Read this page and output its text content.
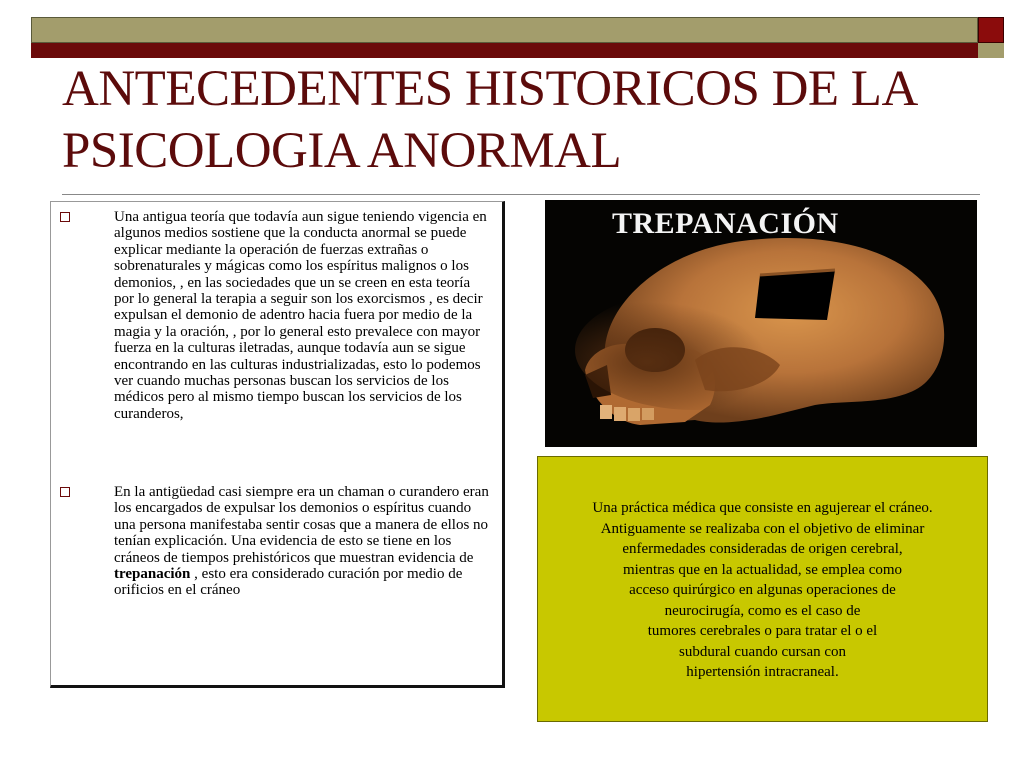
ANTECEDENTES HISTORICOS DE LA PSICOLOGIA ANORMAL

Una antigua teoría que todavía aun sigue teniendo vigencia en algunos medios sostiene que la conducta anormal se puede explicar mediante la operación de fuerzas extrañas o sobrenaturales y mágicas como los espíritus malignos o los demonios, , en las sociedades que un se creen en esta teoría por lo general la terapia a seguir son los exorcismos , es decir expulsan el demonio de adentro hacia fuera por medio de la magia y la oración, , por lo general esto prevalece con mayor fuerza en la culturas iletradas, aunque todavía aun se sigue encontrando en las culturas industrializadas, esto lo podemos ver cuando muchas personas buscan los servicios de los médicos pero al mismo tiempo buscan los servicios de los curanderos,

En la antigüedad casi siempre era un chaman o curandero eran los encargados de expulsar los demonios o espíritus cuando una persona manifestaba sentir cosas que a manera de ellos no tenían explicación. Una evidencia de esto se tiene en los cráneos de tiempos prehistóricos que muestran evidencia de trepanación , esto era considerado curación por medio de orificios en el cráneo

TREPANACIÓN
Una práctica médica que consiste en agujerear el cráneo.
Antiguamente se realizaba con el objetivo de eliminar
enfermedades consideradas de origen cerebral,
mientras que en la actualidad, se emplea como
acceso quirúrgico en algunas operaciones de
neurocirugía, como es el caso de
tumores cerebrales o para tratar el o el
subdural cuando cursan con
hipertensión intracraneal.
